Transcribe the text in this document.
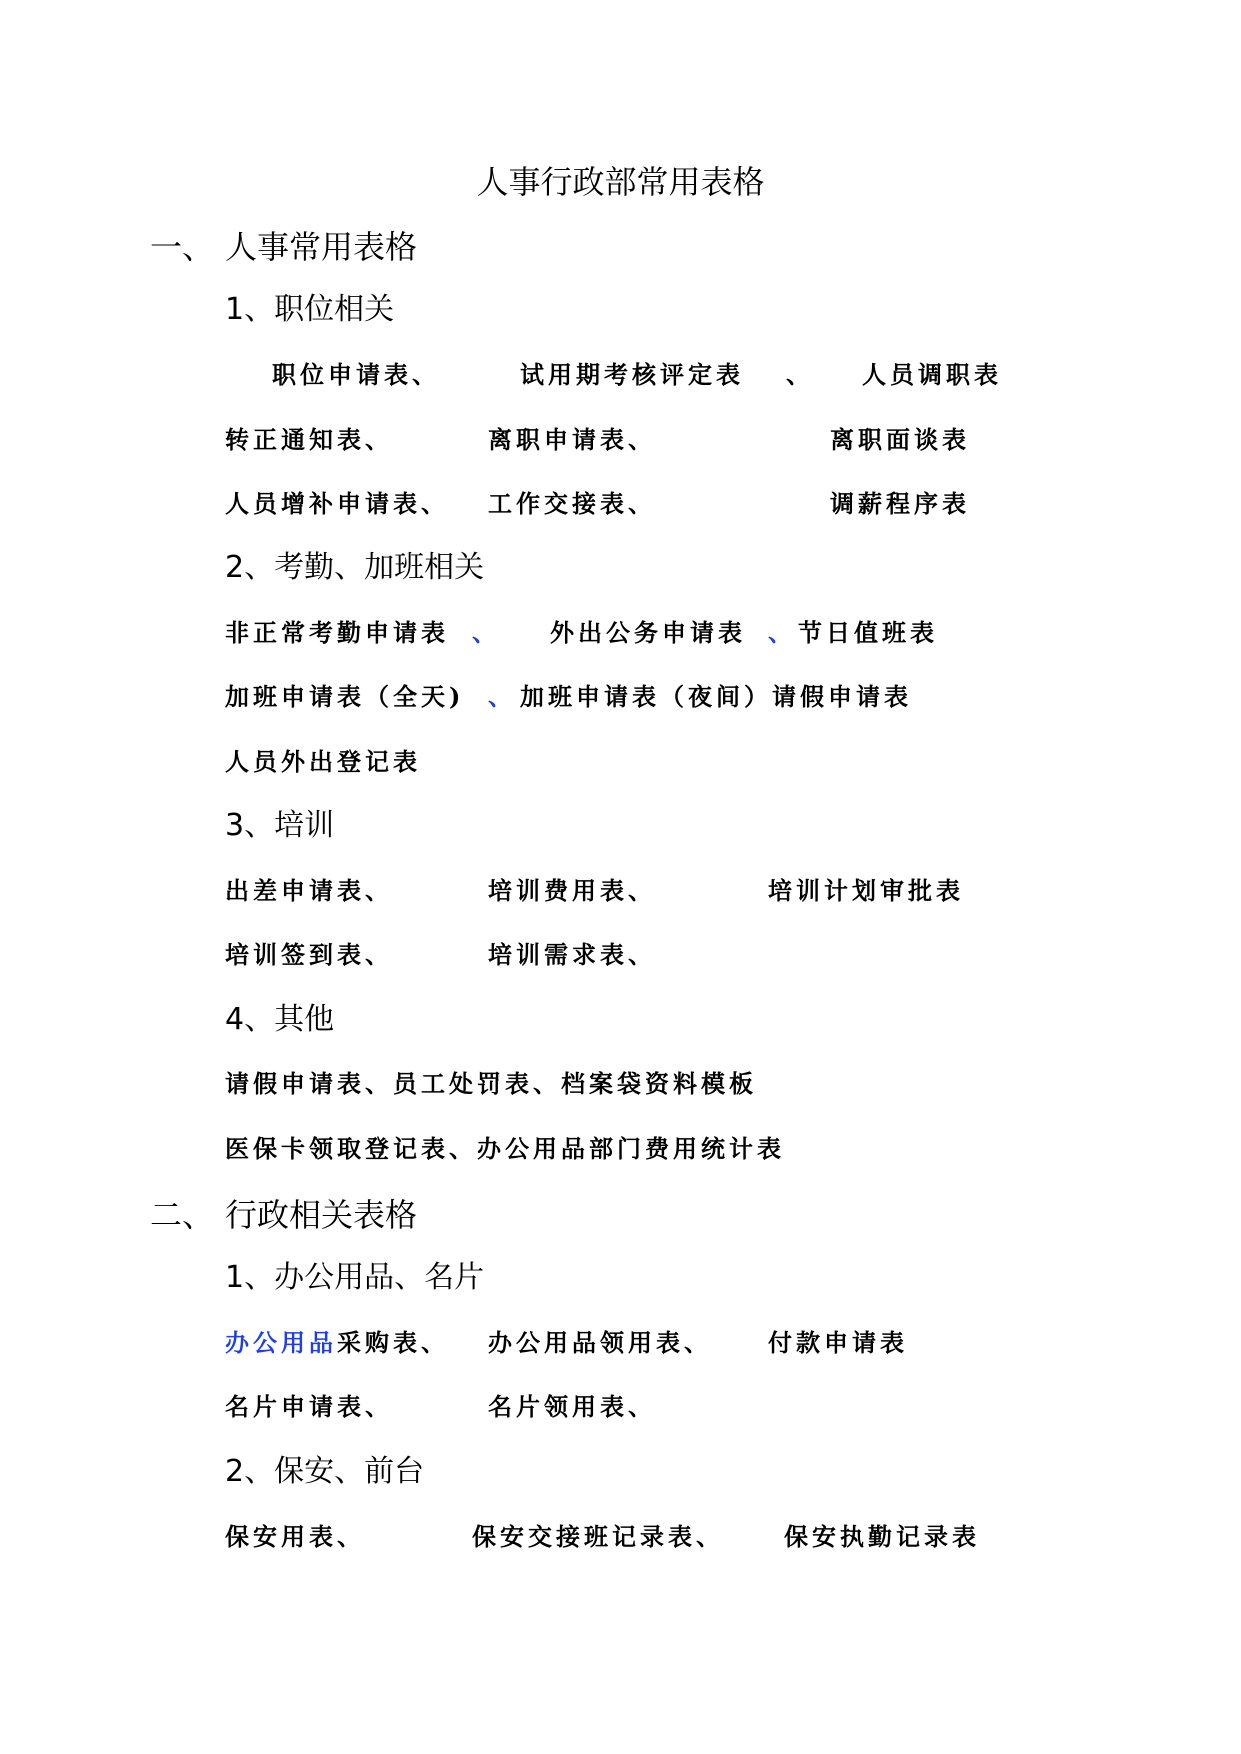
人事行政部常用表格
一、 人事常用表格
1、职位相关
职位申请表、	试用期考核评定表 、 人员调职表
转正通知表、	离职申请表、	离职面谈表
人员增补申请表、 工作交接表、	调薪程序表
2、考勤、加班相关
非正常考勤申请表 、 外出公务申请表 、 节日值班表
加班申请表（全天) 、 加班申请表（夜间）请假申请表
人员外出登记表
3、培训
出差申请表、	培训费用表、	培训计划审批表
培训签到表、	培训需求表、
4、其他
请假申请表、员工处罚表、档案袋资料模板
医保卡领取登记表、办公用品部门费用统计表
二、 行政相关表格
1、办公用品、名片
办公用品采购表、 办公用品领用表、 付款申请表
名片申请表、	名片领用表、
2、保安、前台
保安用表、	保安交接班记录表、	保安执勤记录表
